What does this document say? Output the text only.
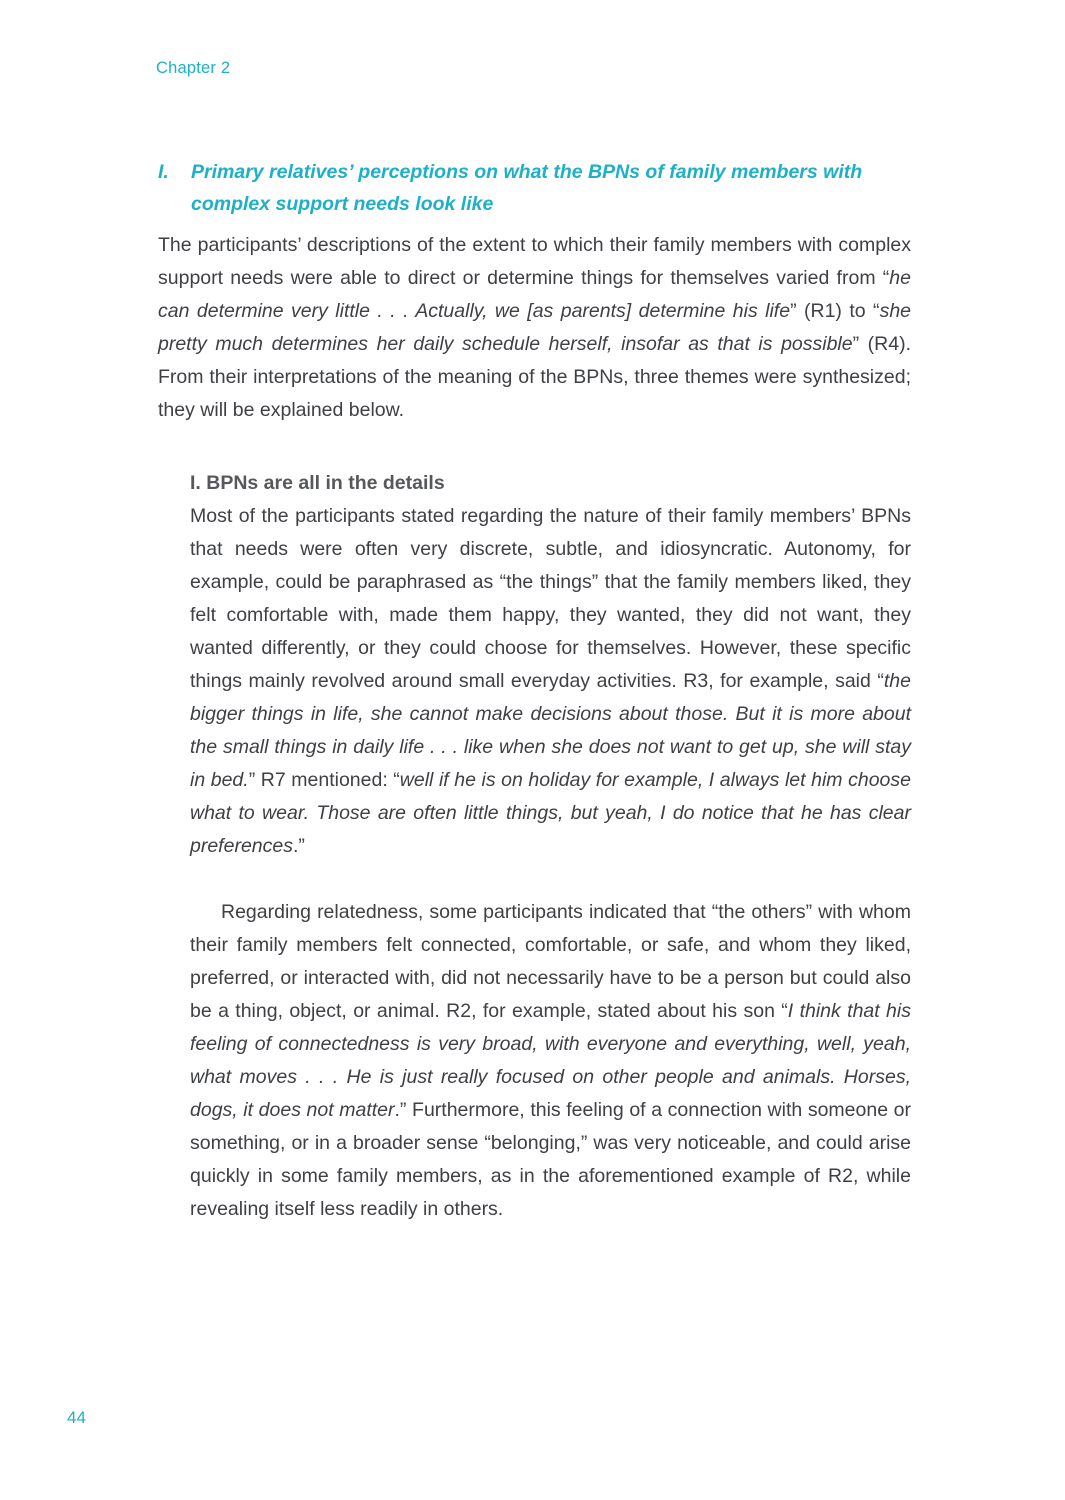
Chapter 2
I.	Primary relatives’ perceptions on what the BPNs of family members with complex support needs look like

The participants’ descriptions of the extent to which their family members with complex support needs were able to direct or determine things for themselves varied from “he can determine very little . . . Actually, we [as parents] determine his life” (R1) to “she pretty much determines her daily schedule herself, insofar as that is possible” (R4). From their interpretations of the meaning of the BPNs, three themes were synthesized; they will be explained below.

I. BPNs are all in the details

Most of the participants stated regarding the nature of their family members’ BPNs that needs were often very discrete, subtle, and idiosyncratic. Autonomy, for example, could be paraphrased as “the things” that the family members liked, they felt comfortable with, made them happy, they wanted, they did not want, they wanted differently, or they could choose for themselves. However, these specific things mainly revolved around small everyday activities. R3, for example, said “the bigger things in life, she cannot make decisions about those. But it is more about the small things in daily life . . . like when she does not want to get up, she will stay in bed.” R7 mentioned: “well if he is on holiday for example, I always let him choose what to wear. Those are often little things, but yeah, I do notice that he has clear preferences.”

Regarding relatedness, some participants indicated that “the others” with whom their family members felt connected, comfortable, or safe, and whom they liked, preferred, or interacted with, did not necessarily have to be a person but could also be a thing, object, or animal. R2, for example, stated about his son “I think that his feeling of connectedness is very broad, with everyone and everything, well, yeah, what moves . . . He is just really focused on other people and animals. Horses, dogs, it does not matter.” Furthermore, this feeling of a connection with someone or something, or in a broader sense “belonging,” was very noticeable, and could arise quickly in some family members, as in the aforementioned example of R2, while revealing itself less readily in others.

44
